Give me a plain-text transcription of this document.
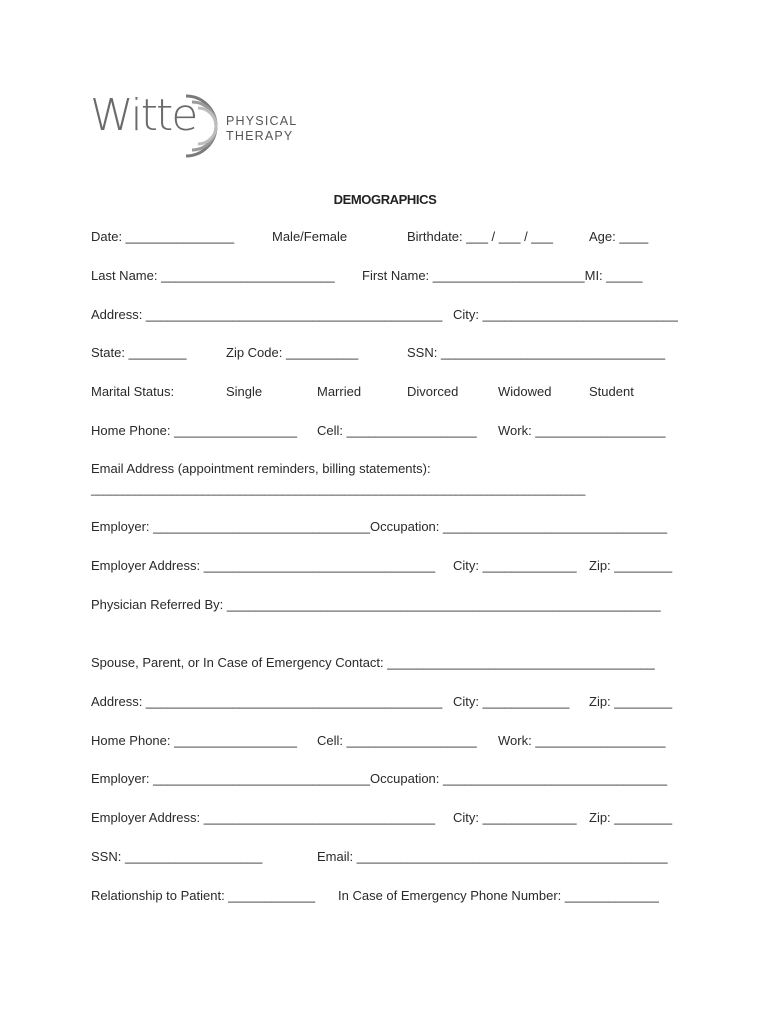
Witte PHYSICAL
THERAPY
DEMOGRAPHICS
Date: _______________	Male/Female	Birthdate: ___ / ___ / ___	Age: ____
Last Name: ________________________ First Name: _____________________MI: _____
Address: _________________________________________ City: ___________________________
State: ________	Zip Code: __________	SSN: _______________________________
Marital Status:	Single	Married	Divorced	Widowed	Student
Home Phone: _________________ Cell: __________________ Work: __________________
Email Address (appointment reminders, billing statements):
________________________________________________________________________________
Employer: ______________________________Occupation: _______________________________
Employer Address: ________________________________ City: _____________ Zip: ________
Physician Referred By: ____________________________________________________________
Spouse, Parent, or In Case of Emergency Contact: _____________________________________
Address: _________________________________________ City: ____________ Zip: ________
Home Phone: _________________ Cell: __________________ Work: __________________
Employer: ______________________________Occupation: _______________________________
Employer Address: ________________________________ City: _____________ Zip: ________
SSN: ___________________	Email: ___________________________________________
Relationship to Patient: ____________ In Case of Emergency Phone Number: _____________
